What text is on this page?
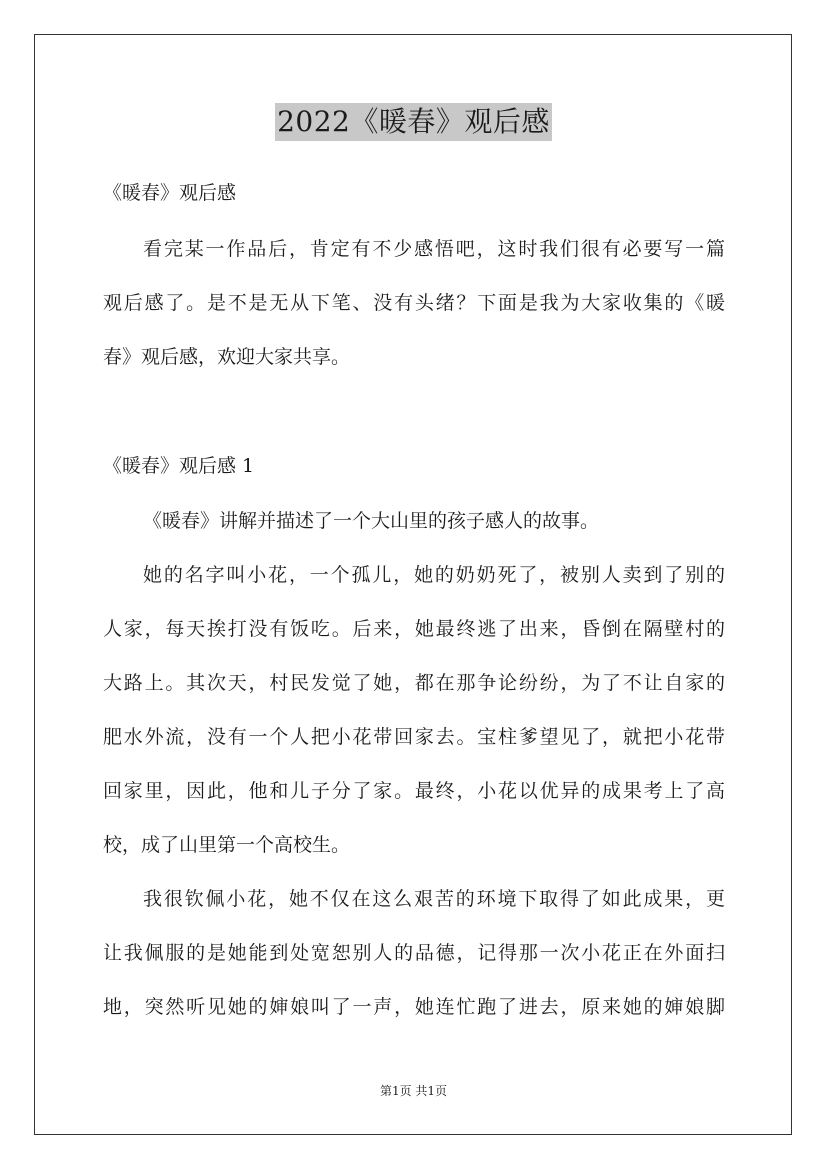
2022《暖春》观后感
《暖春》观后感
看完某一作品后，肯定有不少感悟吧，这时我们很有必要写一篇
观后感了。是不是无从下笔、没有头绪？下面是我为大家收集的《暖
春》观后感，欢迎大家共享。
《暖春》观后感 1
《暖春》讲解并描述了一个大山里的孩子感人的故事。
她的名字叫小花，一个孤儿，她的奶奶死了，被别人卖到了别的
人家，每天挨打没有饭吃。后来，她最终逃了出来，昏倒在隔壁村的
大路上。其次天，村民发觉了她，都在那争论纷纷，为了不让自家的
肥水外流，没有一个人把小花带回家去。宝柱爹望见了，就把小花带
回家里，因此，他和儿子分了家。最终，小花以优异的成果考上了高
校，成了山里第一个高校生。
我很钦佩小花，她不仅在这么艰苦的环境下取得了如此成果，更
让我佩服的是她能到处宽恕别人的品德，记得那一次小花正在外面扫
地，突然听见她的婶娘叫了一声，她连忙跑了进去，原来她的婶娘脚
第1页 共1页
